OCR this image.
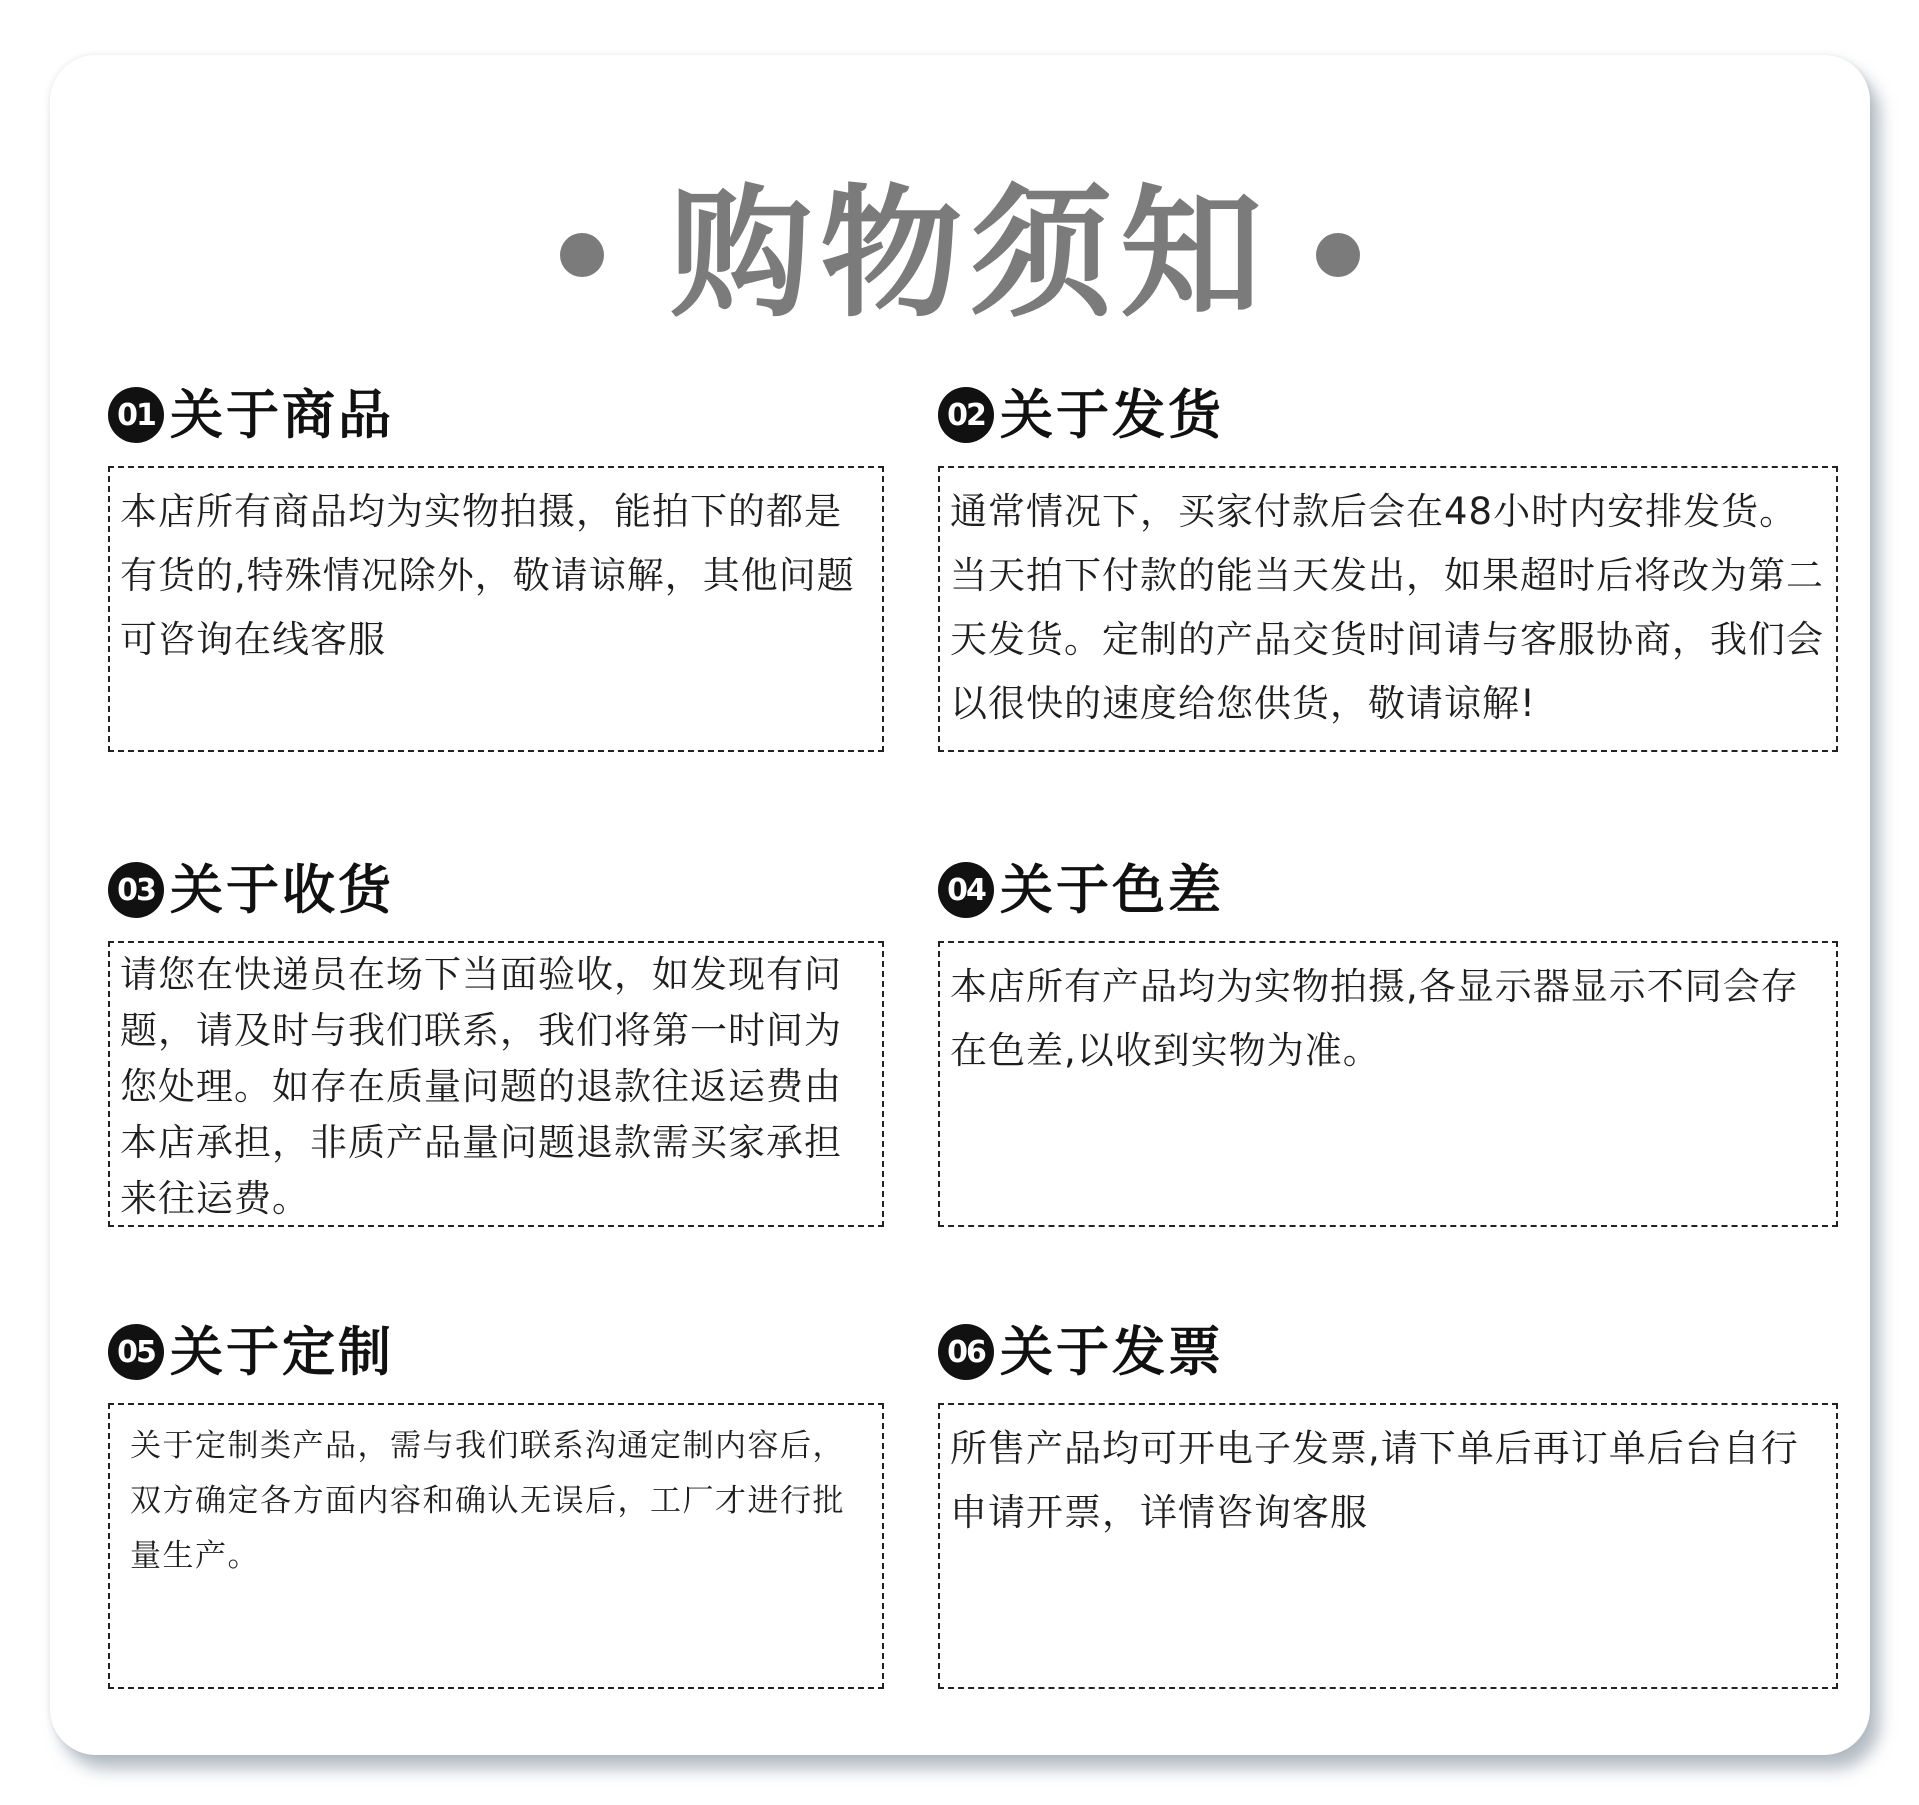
购物须知
01 关于商品
本店所有商品均为实物拍摄，能拍下的都是有货的,特殊情况除外，敬请谅解，其他问题可咨询在线客服
02 关于发货
通常情况下，买家付款后会在48小时内安排发货。当天拍下付款的能当天发出，如果超时后将改为第二天发货。定制的产品交货时间请与客服协商，我们会以很快的速度给您供货，敬请谅解!
03 关于收货
请您在快递员在场下当面验收，如发现有问题，请及时与我们联系，我们将第一时间为您处理。如存在质量问题的退款往返运费由本店承担，非质产品量问题退款需买家承担来往运费。
04 关于色差
本店所有产品均为实物拍摄,各显示器显示不同会存在色差,以收到实物为准。
05 关于定制
关于定制类产品，需与我们联系沟通定制内容后，双方确定各方面内容和确认无误后，工厂才进行批量生产。
06 关于发票
所售产品均可开电子发票,请下单后再订单后台自行申请开票，详情咨询客服
